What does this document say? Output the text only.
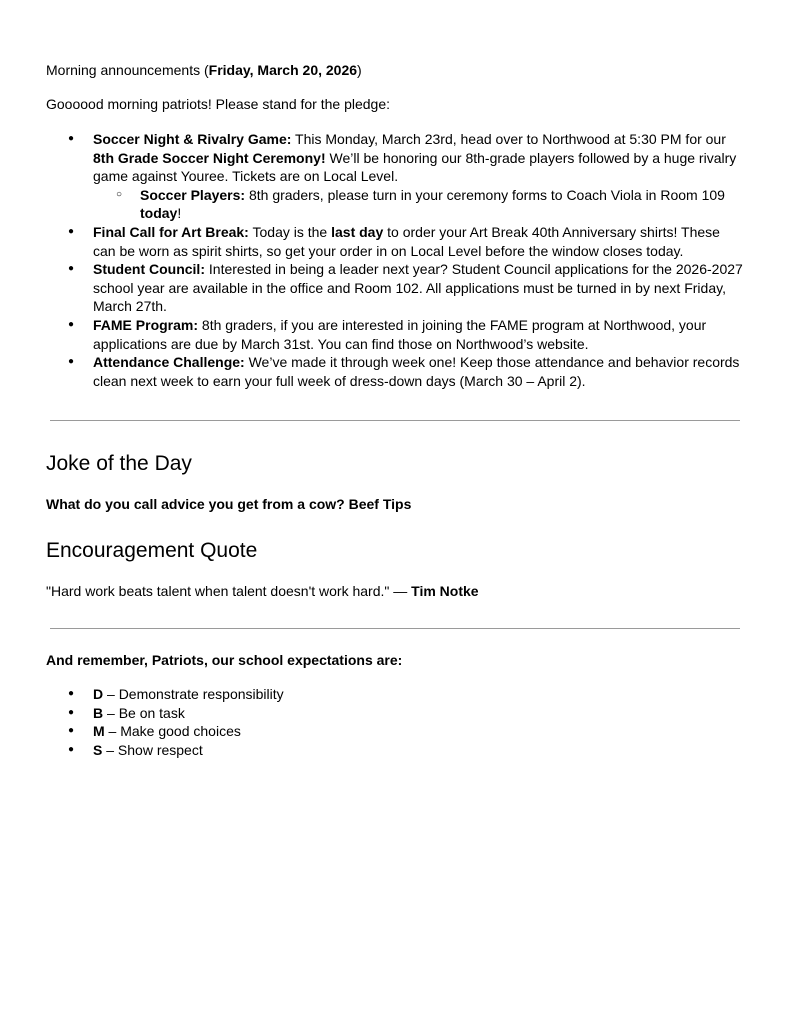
Morning announcements (Friday, March 20, 2026)
Goooood morning patriots! Please stand for the pledge:
● Soccer Night & Rivalry Game: This Monday, March 23rd, head over to Northwood at 5:30 PM for our 8th Grade Soccer Night Ceremony! We’ll be honoring our 8th-grade players followed by a huge rivalry game against Youree. Tickets are on Local Level.
○ Soccer Players: 8th graders, please turn in your ceremony forms to Coach Viola in Room 109 today!
● Final Call for Art Break: Today is the last day to order your Art Break 40th Anniversary shirts! These can be worn as spirit shirts, so get your order in on Local Level before the window closes today.
● Student Council: Interested in being a leader next year? Student Council applications for the 2026-2027 school year are available in the office and Room 102. All applications must be turned in by next Friday, March 27th.
● FAME Program: 8th graders, if you are interested in joining the FAME program at Northwood, your applications are due by March 31st. You can find those on Northwood’s website.
● Attendance Challenge: We’ve made it through week one! Keep those attendance and behavior records clean next week to earn your full week of dress-down days (March 30 – April 2).
Joke of the Day
What do you call advice you get from a cow? Beef Tips
Encouragement Quote
"Hard work beats talent when talent doesn't work hard." — Tim Notke
And remember, Patriots, our school expectations are:
● D – Demonstrate responsibility
● B – Be on task
● M – Make good choices
● S – Show respect
